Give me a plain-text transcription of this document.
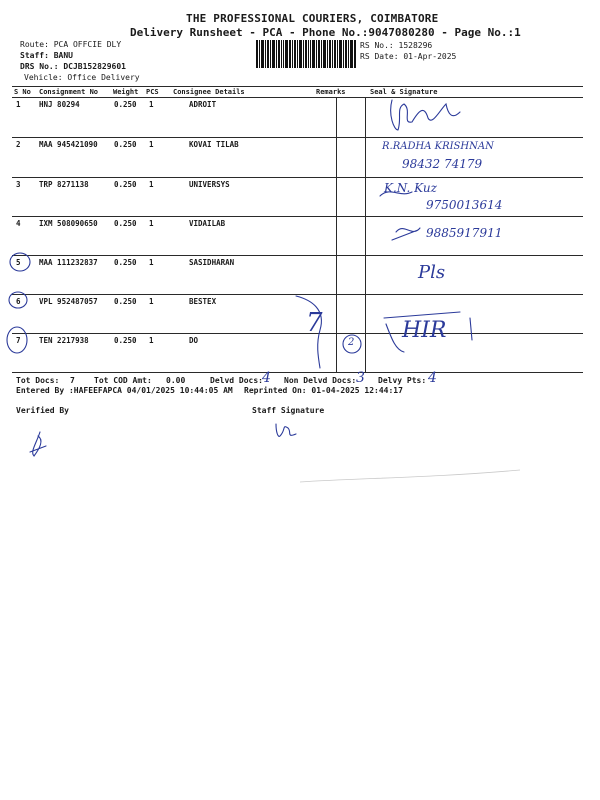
THE PROFESSIONAL COURIERS, COIMBATORE
Delivery Runsheet - PCA - Phone No.:9047080280 - Page No.:1
Route: PCA OFFCIE DLY
Staff: BANU
DRS No.: DCJB152829601
Vehicle: Office Delivery
RS No.: 1528296
RS Date: 01-Apr-2025
S No Consignment No Weight PCS Consignee Details	Remarks	Seal & Signature
1 HNJ 80294	0.250 1	ADROIT
2 MAA 945421090 0.250 1	KOVAI TILAB
3 TRP 8271138	0.250 1	UNIVERSYS
4 IXM 508090650 0.250 1	VIDAILAB
5 MAA 111232837 0.250 1	SASIDHARAN
6 VPL 952487057 0.250 1	BESTEX
7 TEN 2217938	0.250 1	DO
R.RADHA KRISHNAN
98432 74179
K.N. Kuz
9750013614
9885917911
Pls
7
2 HIR
Tot Docs: 7 Tot COD Amt: 0.00	Delvd Docs: 4 Non Delvd Docs: 3 Delvy Pts: 4
Entered By :HAFEEFAPCA 04/01/2025 10:44:05 AM Reprinted On: 01-04-2025 12:44:17
Verified By	Staff Signature
